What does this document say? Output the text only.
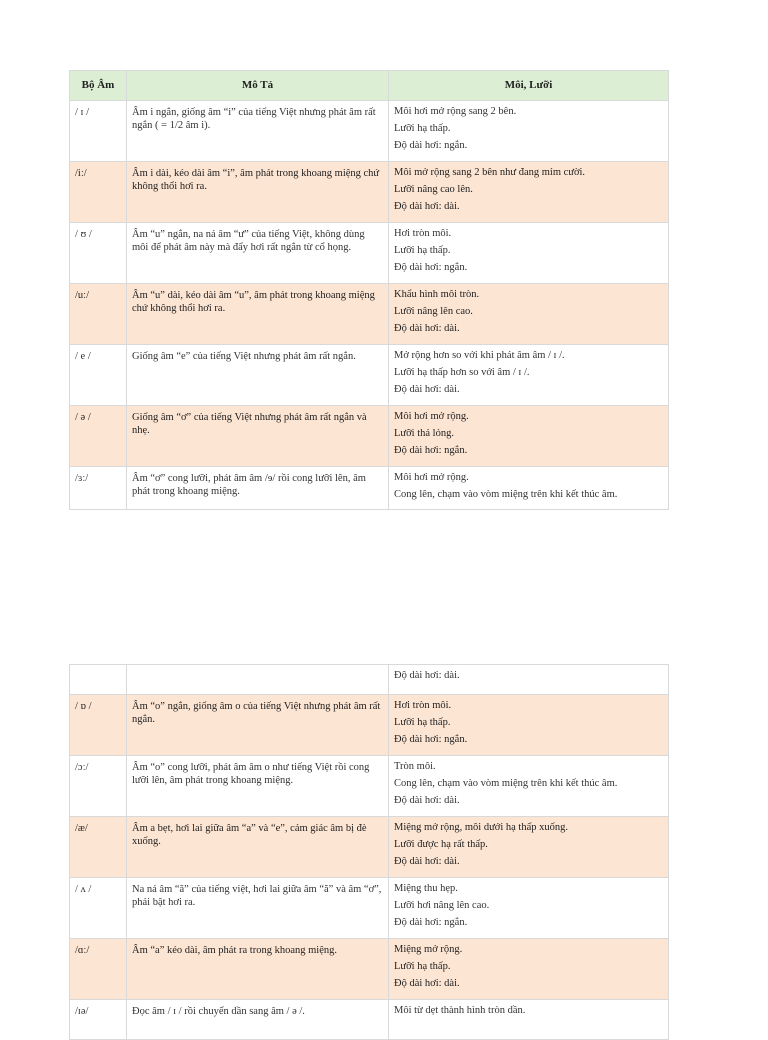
Bộ Âm	Mô Tả	Môi, Lưỡi
/ ɪ /	Âm i ngắn, giống âm “i” của tiếng Việt nhưng phát âm rất ngắn ( = 1/2 âm i).	Môi hơi mở rộng sang 2 bên.
Lưỡi hạ thấp.
Độ dài hơi: ngắn.

/iː/	Âm i dài, kéo dài âm “i”, âm phát trong khoang miệng chứ không thổi hơi ra.	Môi mở rộng sang 2 bên như đang mỉm cười.
Lưỡi nâng cao lên.
Độ dài hơi: dài.

/ ʊ /	Âm “u” ngắn, na ná âm “ư” của tiếng Việt, không dùng môi để phát âm này mà đẩy hơi rất ngắn từ cổ họng.	Hơi tròn môi.
Lưỡi hạ thấp.
Độ dài hơi: ngắn.

/uː/	Âm “u” dài, kéo dài âm “u”, âm phát trong khoang miệng chứ không thổi hơi ra.	Khẩu hình môi tròn.
Lưỡi nâng lên cao.
Độ dài hơi: dài.

/ e /	Giống âm “e” của tiếng Việt nhưng phát âm rất ngắn.	Mở rộng hơn so với khi phát âm âm / ɪ /.
Lưỡi hạ thấp hơn so với âm / ɪ /.
Độ dài hơi: dài.

/ ə /	Giống âm “ơ” của tiếng Việt nhưng phát âm rất ngắn và nhẹ.	Môi hơi mở rộng.
Lưỡi thả lỏng.
Độ dài hơi: ngắn.

/ɜː/	Âm “ơ” cong lưỡi, phát âm âm /ɘ/ rồi cong lưỡi lên, âm phát trong khoang miệng.	Môi hơi mở rộng.
Cong lên, chạm vào vòm miệng trên khi kết thúc âm.

		Độ dài hơi: dài.

/ ɒ /	Âm “o” ngắn, giống âm o của tiếng Việt nhưng phát âm rất ngắn.	Hơi tròn môi.
Lưỡi hạ thấp.
Độ dài hơi: ngắn.

/ɔː/	Âm “o” cong lưỡi, phát âm âm o như tiếng Việt rồi cong lưỡi lên, âm phát trong khoang miệng.	Tròn môi.
Cong lên, chạm vào vòm miệng trên khi kết thúc âm.
Độ dài hơi: dài.

/æ/	Âm a bẹt, hơi lai giữa âm “a” và “e”, cảm giác âm bị đè xuống.	Miệng mở rộng, môi dưới hạ thấp xuống.
Lưỡi được hạ rất thấp.
Độ dài hơi: dài.

/ ʌ /	Na ná âm “ă” của tiếng việt, hơi lai giữa âm “ă” và âm “ơ”, phải bật hơi ra.	Miệng thu hẹp.
Lưỡi hơi nâng lên cao.
Độ dài hơi: ngắn.

/ɑː/	Âm “a” kéo dài, âm phát ra trong khoang miệng.	Miệng mở rộng.
Lưỡi hạ thấp.
Độ dài hơi: dài.

/ɪə/	Đọc âm / ɪ / rồi chuyển dần sang âm / ə /.	Môi từ dẹt thành hình tròn dần.
